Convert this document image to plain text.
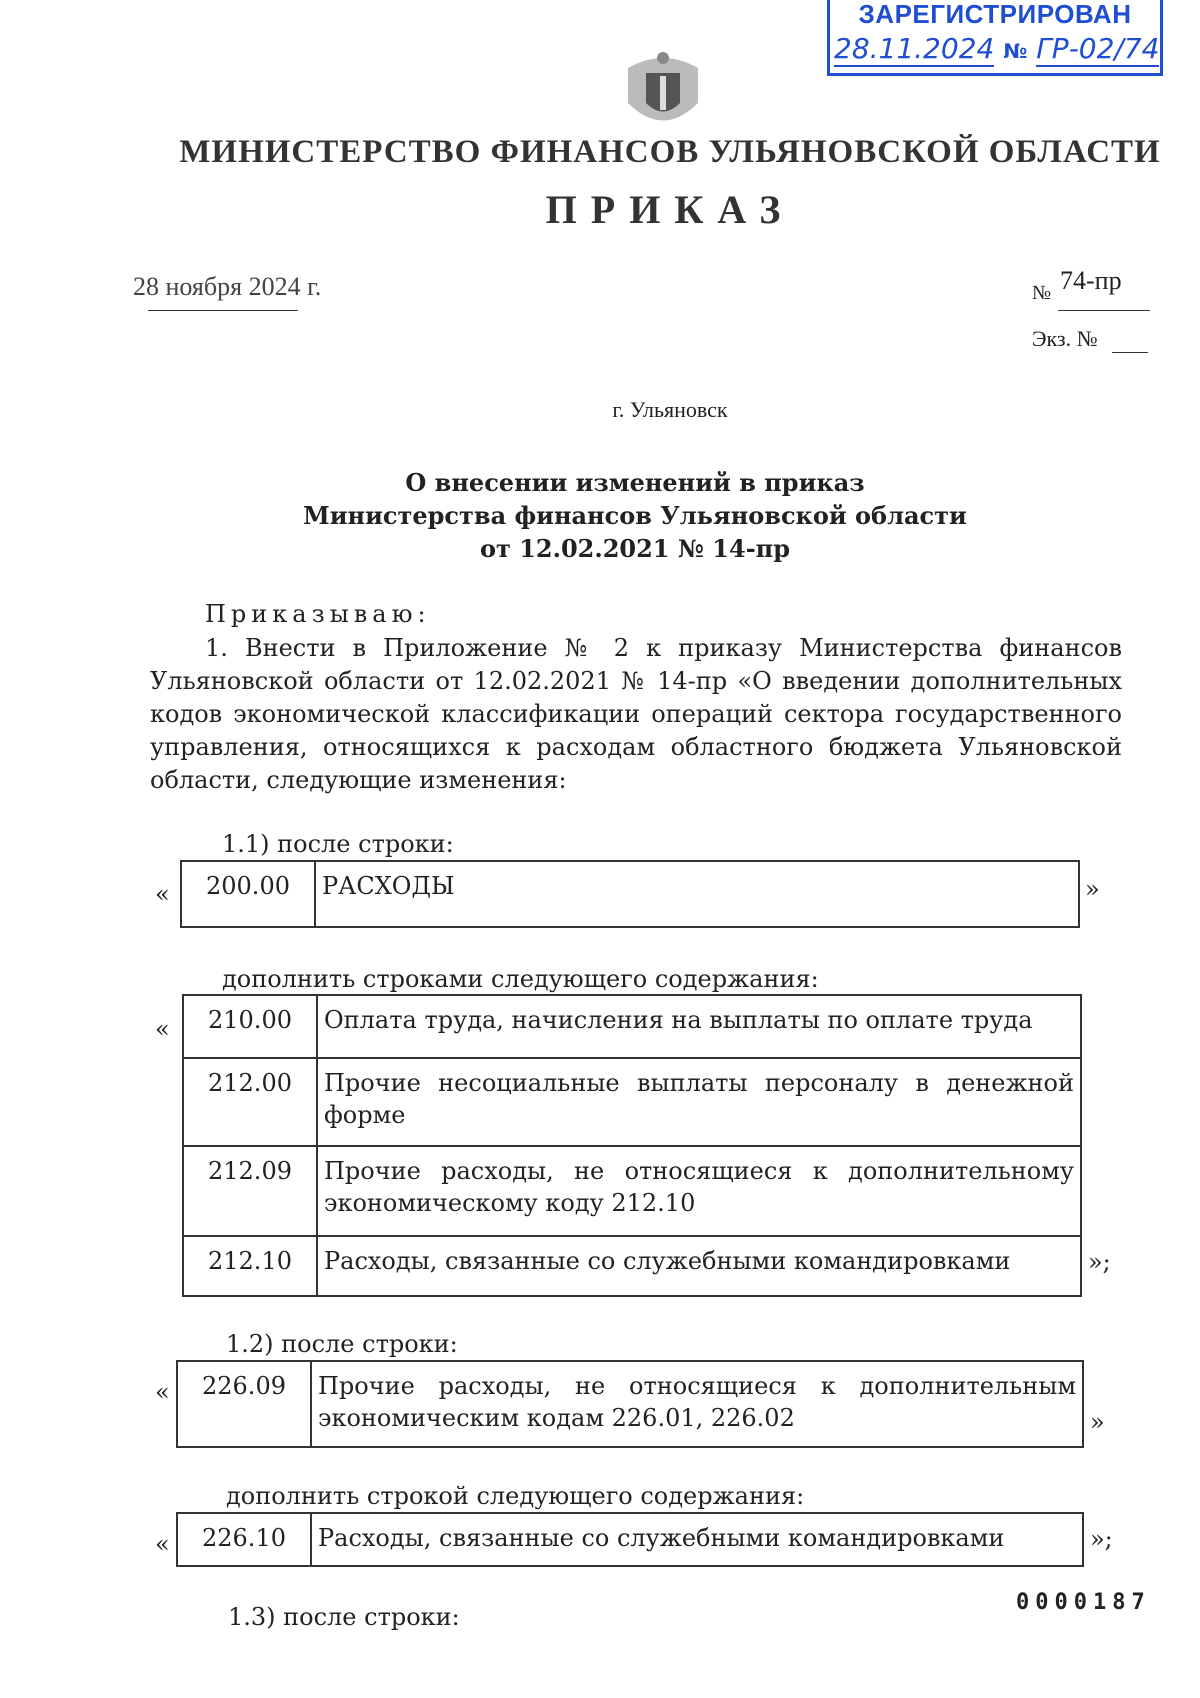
ЗАРЕГИСТРИРОВАН
28.11.2024 № ГР-02/74
МИНИСТЕРСТВО ФИНАНСОВ УЛЬЯНОВСКОЙ ОБЛАСТИ
ПРИКАЗ
28 ноября 2024 г.	№ 74-пр
Экз. №
г. Ульяновск
О внесении изменений в приказ
Министерства финансов Ульяновской области
от 12.02.2021 № 14-пр
Приказываю:
1. Внести в Приложение № 2 к приказу Министерства финансов Ульяновской области от 12.02.2021 № 14-пр «О введении дополнительных кодов экономической классификации операций сектора государственного управления, относящихся к расходам областного бюджета Ульяновской области, следующие изменения:
1.1) после строки:
« 200.00	РАСХОДЫ	»
дополнить строками следующего содержания:
« 210.00	Оплата труда, начисления на выплаты по оплате труда
212.00	Прочие несоциальные выплаты персоналу в денежной форме
212.09	Прочие расходы, не относящиеся к дополнительному экономическому коду 212.10
212.10	Расходы, связанные со служебными командировками	»;
1.2) после строки:
« 226.09	Прочие расходы, не относящиеся к дополнительным экономическим кодам 226.01, 226.02	»
дополнить строкой следующего содержания:
« 226.10	Расходы, связанные со служебными командировками	»;
1.3) после строки:
0000187
